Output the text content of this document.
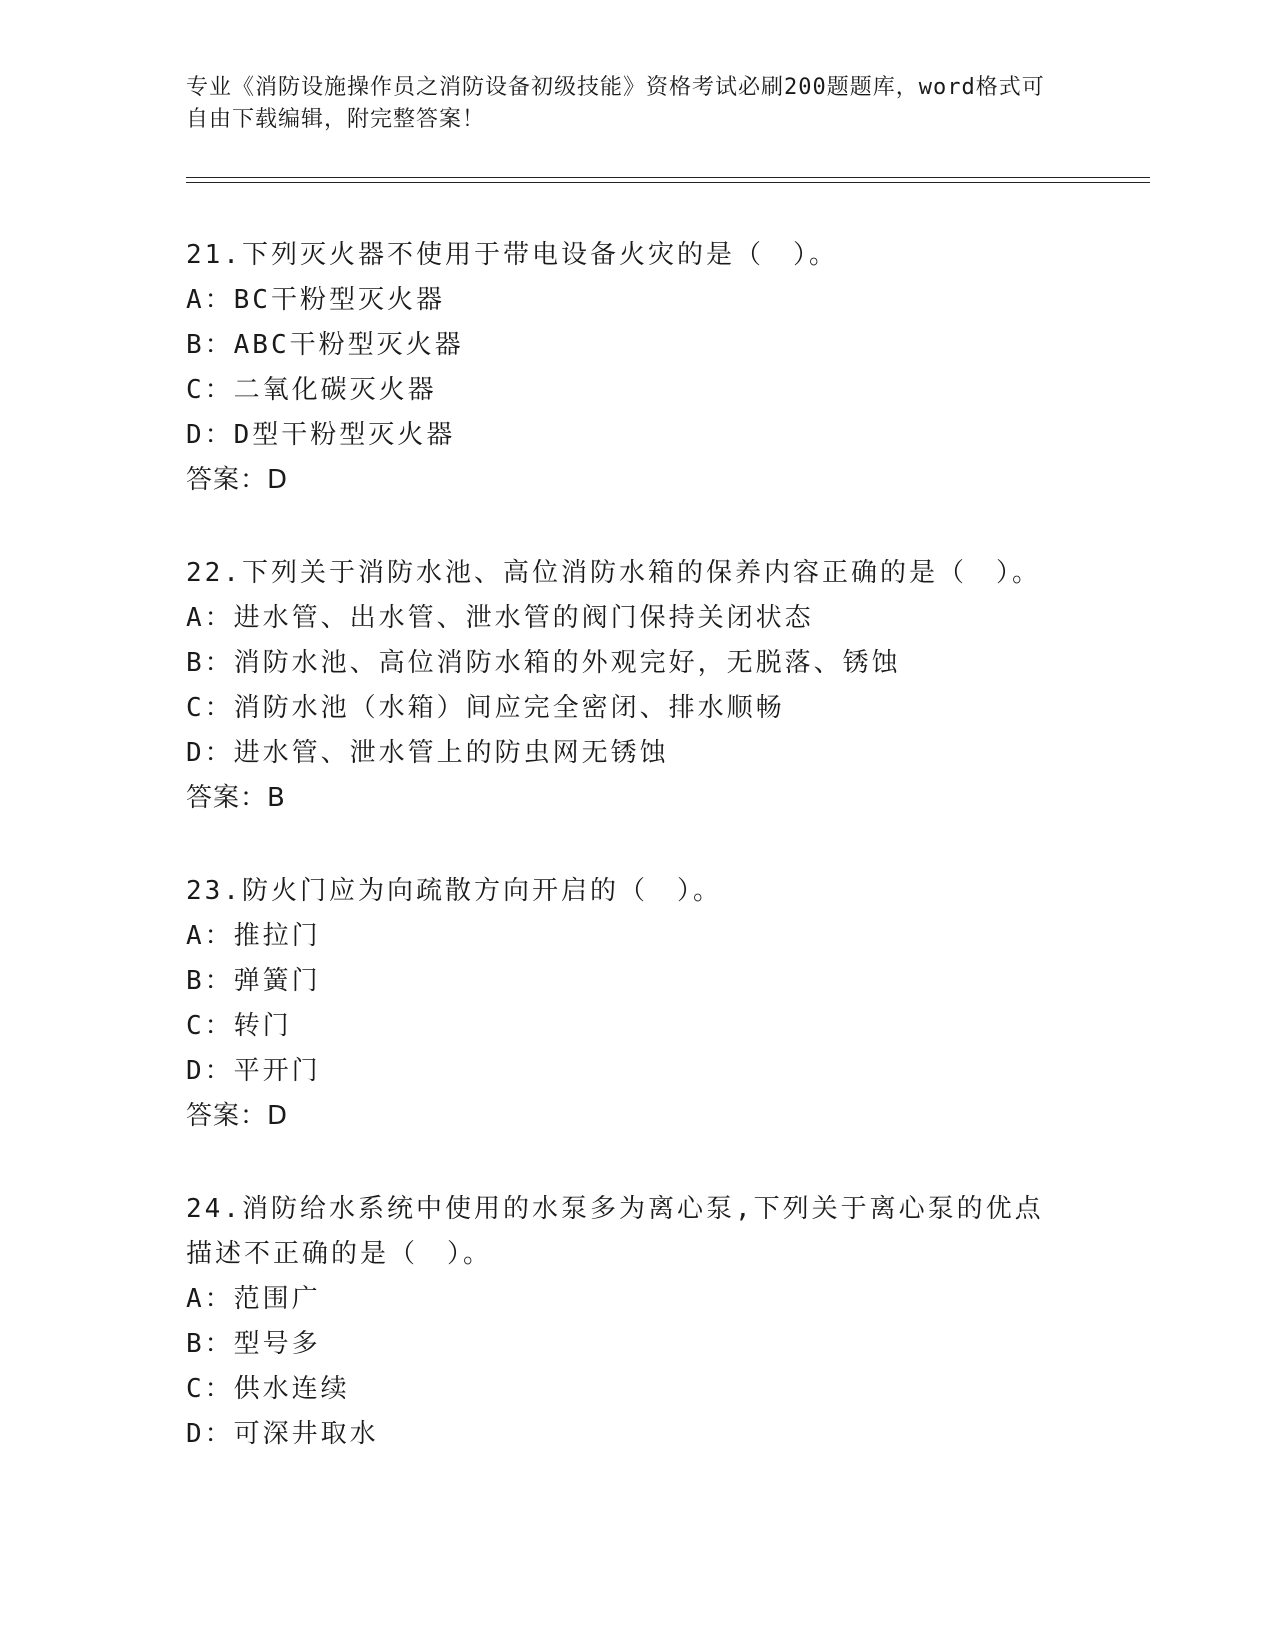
专业《消防设施操作员之消防设备初级技能》资格考试必刷200题题库，word格式可自由下载编辑，附完整答案！
21.下列灭火器不使用于带电设备火灾的是（　）。
A：BC干粉型灭火器
B：ABC干粉型灭火器
C：二氧化碳灭火器
D：D型干粉型灭火器
答案：D
22.下列关于消防水池、高位消防水箱的保养内容正确的是（　）。
A：进水管、出水管、泄水管的阀门保持关闭状态
B：消防水池、高位消防水箱的外观完好，无脱落、锈蚀
C：消防水池（水箱）间应完全密闭、排水顺畅
D：进水管、泄水管上的防虫网无锈蚀
答案：B
23.防火门应为向疏散方向开启的（　）。
A：推拉门
B：弹簧门
C：转门
D：平开门
答案：D
24.消防给水系统中使用的水泵多为离心泵,下列关于离心泵的优点描述不正确的是（　）。
A：范围广
B：型号多
C：供水连续
D：可深井取水
